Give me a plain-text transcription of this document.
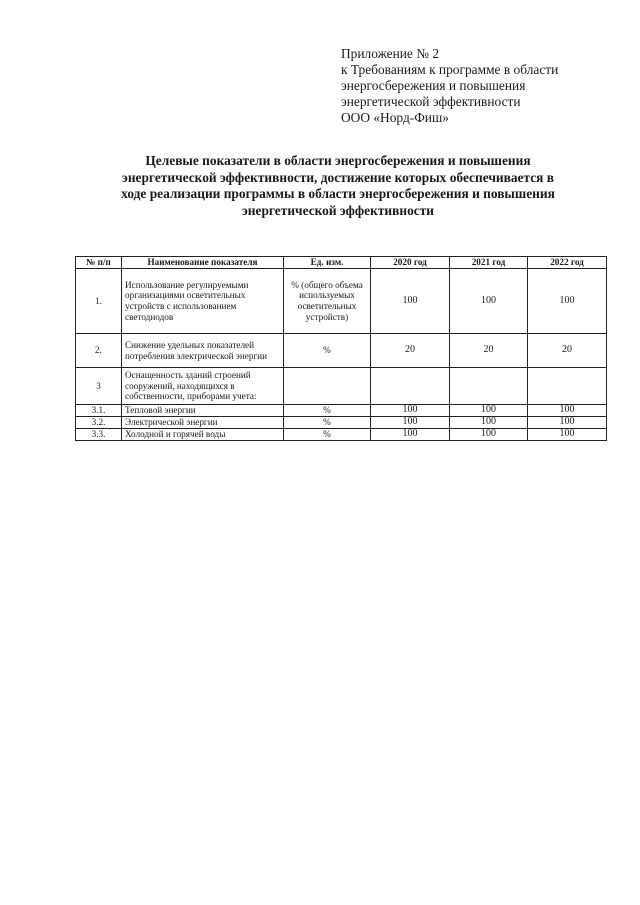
Приложение № 2
к Требованиям к программе в области
энергосбережения и повышения
энергетической эффективности
ООО «Норд-Фиш»
Целевые показатели в области энергосбережения и повышения
энергетической эффективности, достижение которых обеспечивается в
ходе реализации программы в области энергосбережения и повышения
энергетической эффективности
№ п/п	Наименование показателя	Ед. изм.	2020 год	2021 год	2022 год
1.	Использование регулируемыми организациями осветительных устройств с использованием светодиодов	% (общего объема используемых осветительных устройств)	100	100	100
2.	Снижение удельных показателей потребления электрической энергии	%	20	20	20
3	Оснащенность зданий строений сооружений, находящихся в собственности, приборами учета:				
3.1.	Тепловой энергии	%	100	100	100
3.2.	Электрической энергии	%	100	100	100
3.3.	Холодной и горячей воды	%	100	100	100
